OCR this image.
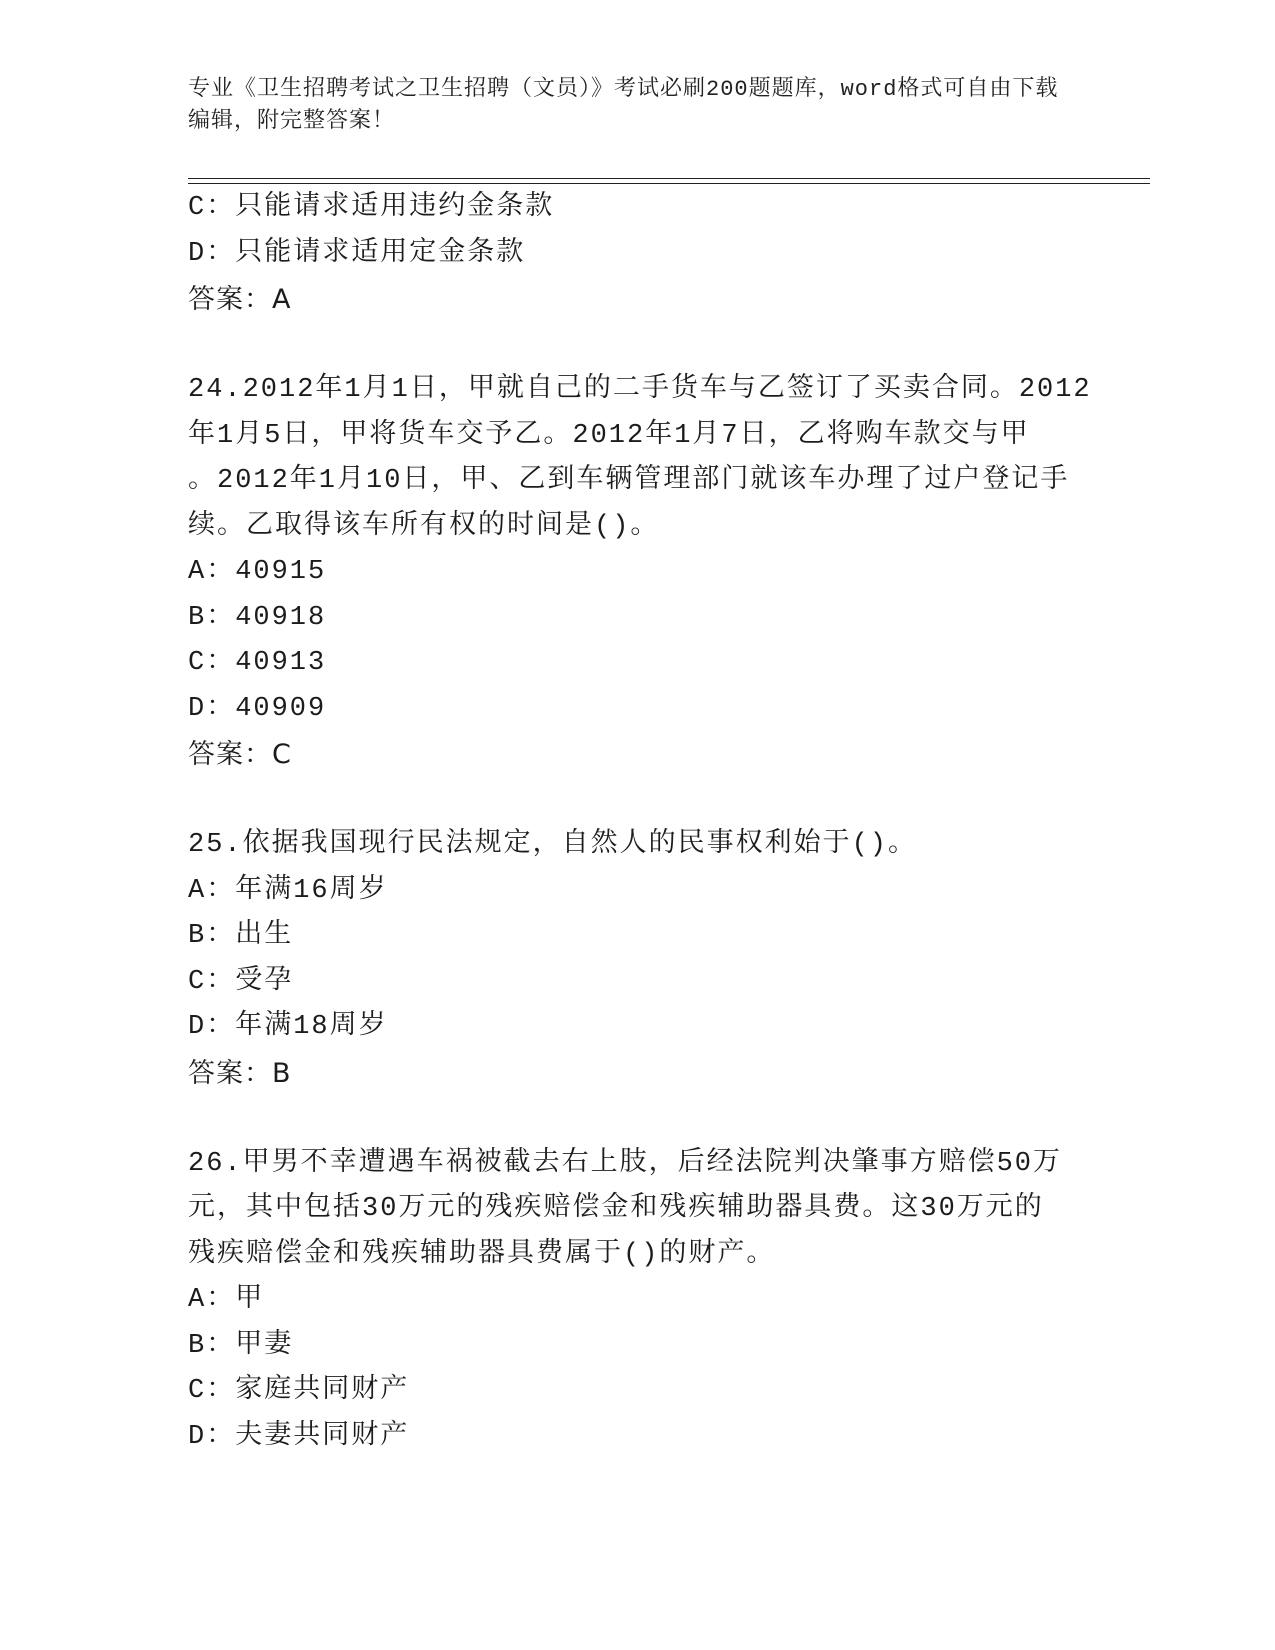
专业《卫生招聘考试之卫生招聘（文员）》考试必刷200题题库，word格式可自由下载编辑，附完整答案！
C：只能请求适用违约金条款
D：只能请求适用定金条款
答案：A
24.2012年1月1日，甲就自己的二手货车与乙签订了买卖合同。2012
年1月5日，甲将货车交予乙。2012年1月7日，乙将购车款交与甲
。2012年1月10日，甲、乙到车辆管理部门就该车办理了过户登记手
续。乙取得该车所有权的时间是()。
A：40915
B：40918
C：40913
D：40909
答案：C
25.依据我国现行民法规定，自然人的民事权利始于()。
A：年满16周岁
B：出生
C：受孕
D：年满18周岁
答案：B
26.甲男不幸遭遇车祸被截去右上肢，后经法院判决肇事方赔偿50万
元，其中包括30万元的残疾赔偿金和残疾辅助器具费。这30万元的
残疾赔偿金和残疾辅助器具费属于()的财产。
A：甲
B：甲妻
C：家庭共同财产
D：夫妻共同财产
